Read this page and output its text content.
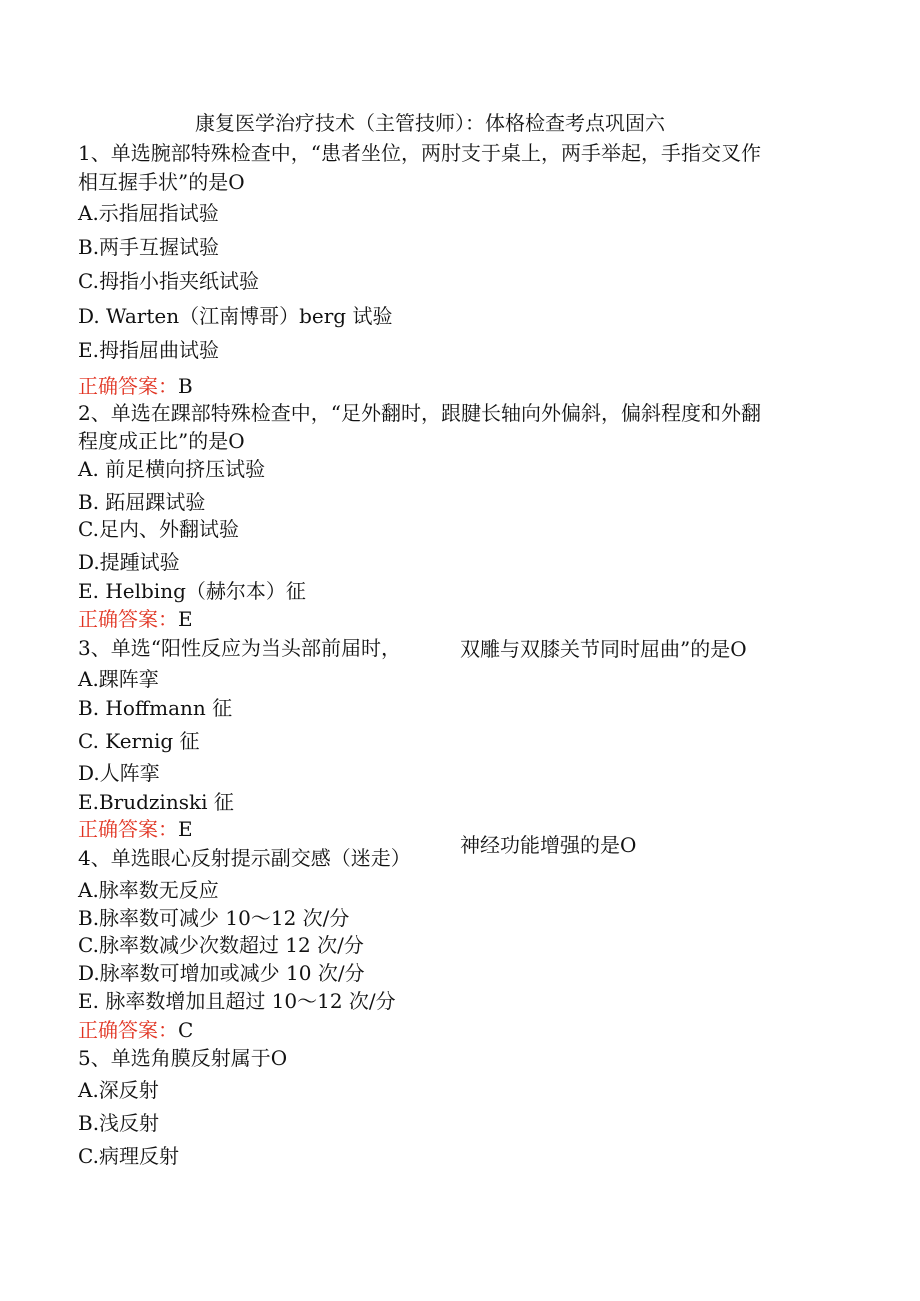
康复医学治疗技术（主管技师）：体格检查考点巩固六
1、单选腕部特殊检查中，“患者坐位，两肘支于桌上，两手举起，手指交叉作
相互握手状”的是O
A.示指屈指试验
B.两手互握试验
C.拇指小指夹纸试验
D. Warten（江南博哥）berg 试验
E.拇指屈曲试验
正确答案：B
2、单选在踝部特殊检查中，“足外翻时，跟腱长轴向外偏斜，偏斜程度和外翻
程度成正比”的是O
A. 前足横向挤压试验
B. 跖屈踝试验
C.足内、外翻试验
D.提踵试验
E. Helbing（赫尔本）征
正确答案：E
3、单选“阳性反应为当头部前届时，	双雕与双膝关节同时屈曲”的是O
A.踝阵挛
B. Hoffmann 征
C. Kernig 征
D.人阵挛
E.Brudzinski 征
正确答案：E
4、单选眼心反射提示副交感（迷走）
神经功能增强的是O
A.脉率数无反应
B.脉率数可减少 10～12 次/分
C.脉率数减少次数超过 12 次/分
D.脉率数可增加或减少 10 次/分
E. 脉率数增加且超过 10～12 次/分
正确答案：C
5、单选角膜反射属于O
A.深反射
B.浅反射
C.病理反射
